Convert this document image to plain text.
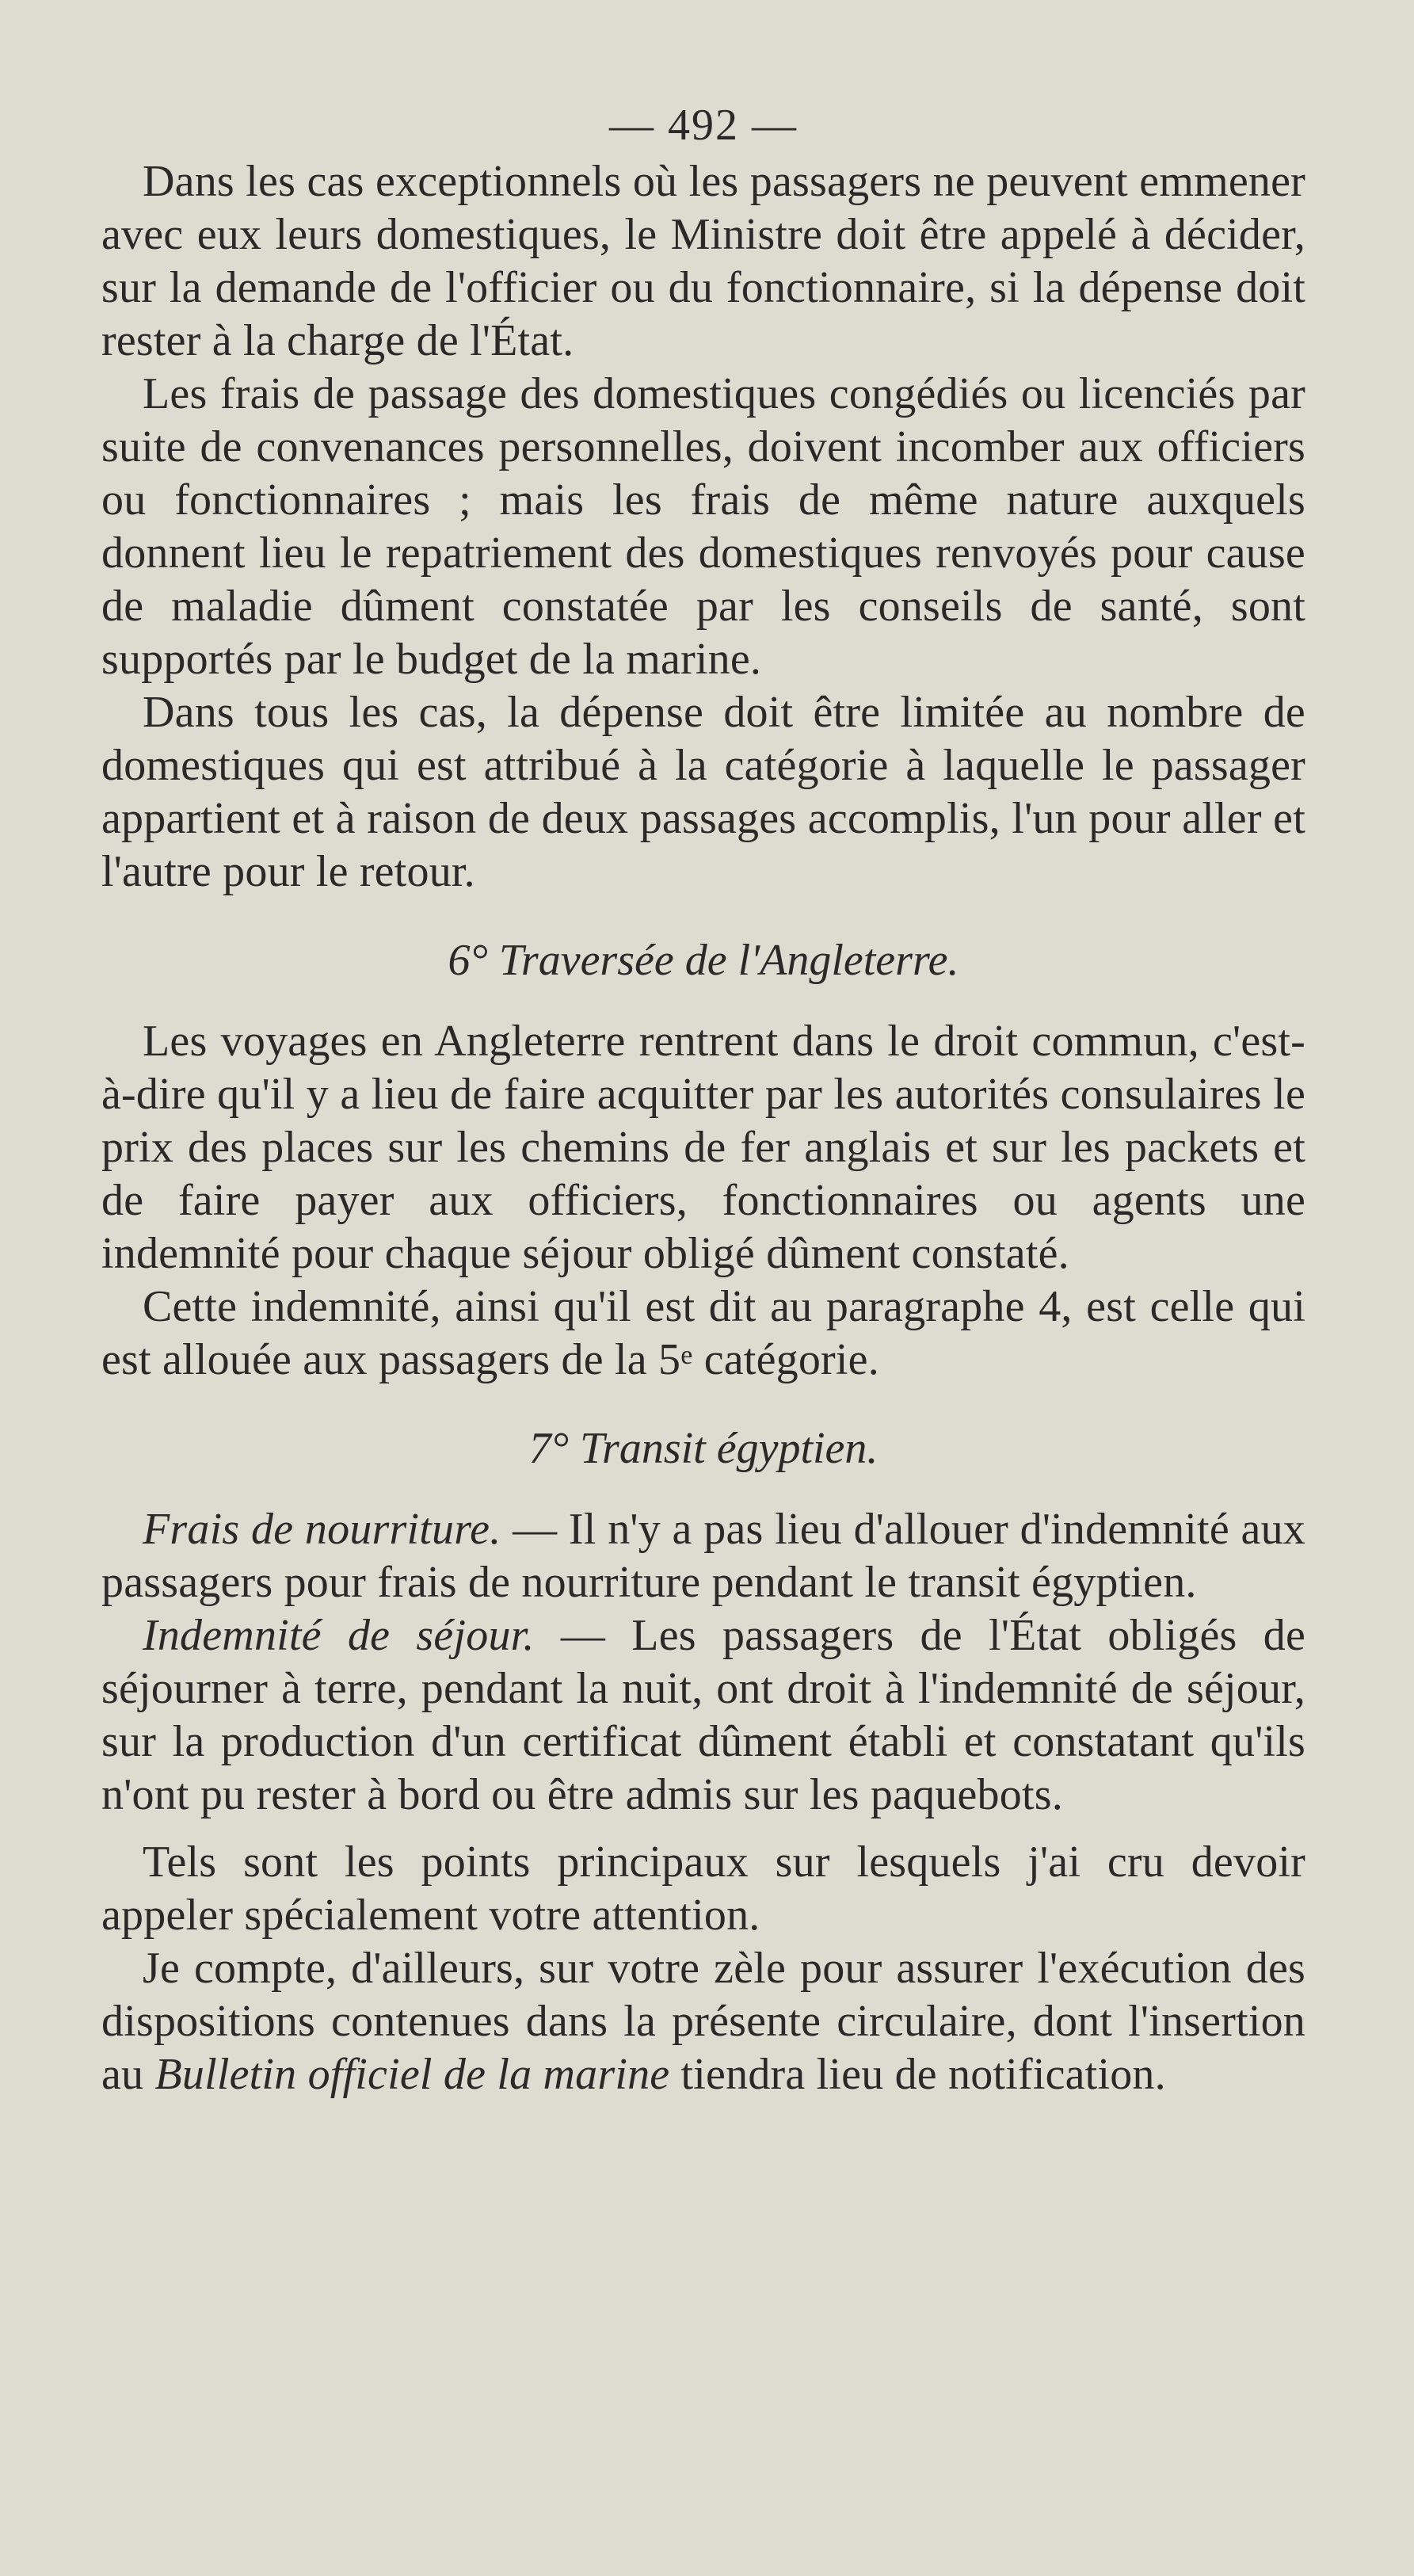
— 492 —

Dans les cas exceptionnels où les passagers ne peuvent emmener avec eux leurs domestiques, le Ministre doit être appelé à décider, sur la demande de l'officier ou du fonctionnaire, si la dépense doit rester à la charge de l'État.

Les frais de passage des domestiques congédiés ou licenciés par suite de convenances personnelles, doivent incomber aux officiers ou fonctionnaires ; mais les frais de même nature auxquels donnent lieu le repatriement des domestiques renvoyés pour cause de maladie dûment constatée par les conseils de santé, sont supportés par le budget de la marine.

Dans tous les cas, la dépense doit être limitée au nombre de domestiques qui est attribué à la catégorie à laquelle le passager appartient et à raison de deux passages accomplis, l'un pour aller et l'autre pour le retour.

6° Traversée de l'Angleterre.

Les voyages en Angleterre rentrent dans le droit commun, c'est-à-dire qu'il y a lieu de faire acquitter par les autorités consulaires le prix des places sur les chemins de fer anglais et sur les packets et de faire payer aux officiers, fonctionnaires ou agents une indemnité pour chaque séjour obligé dûment constaté.

Cette indemnité, ainsi qu'il est dit au paragraphe 4, est celle qui est allouée aux passagers de la 5e catégorie.

7° Transit égyptien.

Frais de nourriture. — Il n'y a pas lieu d'allouer d'indemnité aux passagers pour frais de nourriture pendant le transit égyptien.

Indemnité de séjour. — Les passagers de l'État obligés de séjourner à terre, pendant la nuit, ont droit à l'indemnité de séjour, sur la production d'un certificat dûment établi et constatant qu'ils n'ont pu rester à bord ou être admis sur les paquebots.

Tels sont les points principaux sur lesquels j'ai cru devoir appeler spécialement votre attention.

Je compte, d'ailleurs, sur votre zèle pour assurer l'exécution des dispositions contenues dans la présente circulaire, dont l'insertion au Bulletin officiel de la marine tiendra lieu de notification.
